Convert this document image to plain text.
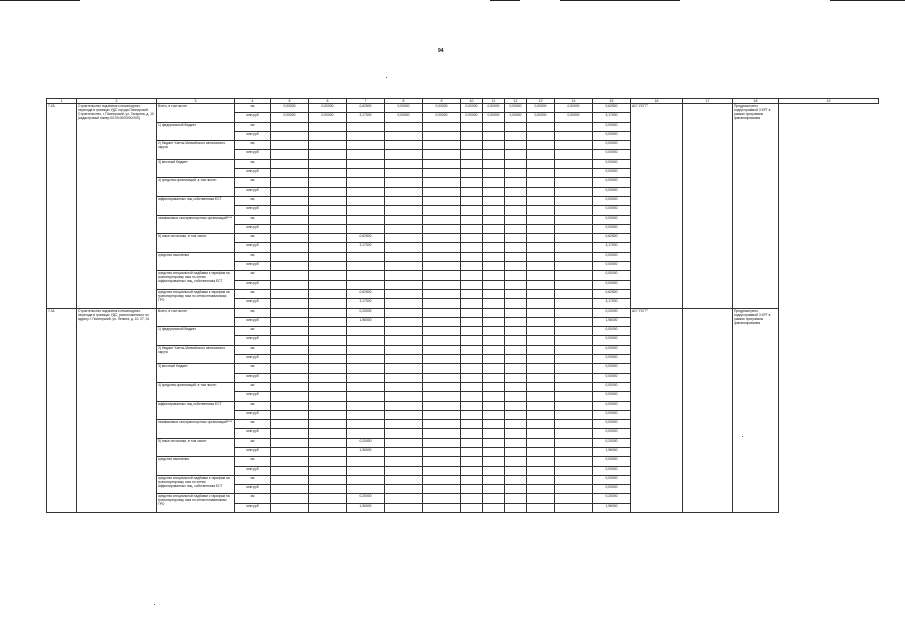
94
1	2	3	4	5	6	7	8	9	10	11	12	13	14	15	16	17	18	19
7.43.	Строительство подземного пешеходного перехода в границах УДС города Пионерский. Строительство, г. Пионерский, ул. Гагарина, д. 10 (кадастровый номер 00:00:0000000:000)	Всего, в том числе:	км	0,00000	0,00000	0,62500	0,00000	0,00000	0,00000	0,00000	0,00000	0,00000	0,00000	0,62500	АО "УСГТ"		Предусмотрено подпрограммой 3 КРТ в рамках программы финансирования	
			млн.руб	0,00000	0,00000	3,17000	0,00000	0,00000	0,00000	0,00000	0,00000	0,00000	0,00000	3,17000				
		1) федеральный бюджет	км											0,00000				
			млн.руб											0,00000				
		2) бюджет Ханты-Мансийского автономного округа	км											0,00000				
			млн.руб											0,00000				
		3) местный бюджет	км											0,00000				
			млн.руб											0,00000				
		4) средства организаций, в том числе:	км											0,00000				
			млн.руб											0,00000				
		аффилированных лиц собственника ЕСТ	км											0,00000				
			млн.руб											0,00000				
		независимых газотранспортных организаций****	км											0,00000				
			млн.руб											0,00000				
		5) иные источники, в том числе:	км			0,62500								0,62500				
			млн.руб			3,17000								3,17000				
		средства населения	км											0,00000				
			млн.руб											0,00000				
		средства специальной надбавки к тарифам на транспортировку газа по сетям аффилированных лиц, собственника ЕСТ	км											0,00000				
			млн.руб											0,00000				
		средства специальной надбавки к тарифам на транспортировку газа по сетям независимых ГРО	км			0,62500								0,62500				
			млн.руб			3,17000								3,17000				
7.44.	Строительство подземного пешеходного перехода в границах УДС, расположенного по адресу г. Пионерский, ул. Ленина, д. 10, 27, 31	Всего, в том числе:	км			0,20000								0,20000	АО "УСГТ"		Предусмотрено подпрограммой 3 КРТ в рамках программы финансирования	
			млн.руб			1,96000								1,96000				
		1) федеральный бюджет	км											0,00000				
			млн.руб											0,00000				
		2) бюджет Ханты-Мансийского автономного округа	км											0,00000				
			млн.руб											0,00000				
		3) местный бюджет	км											0,00000				
			млн.руб											0,00000				
		4) средства организаций, в том числе:	км											0,00000				
			млн.руб											0,00000				
		аффилированных лиц собственника ЕСТ	км											0,00000				
			млн.руб											0,00000				
		независимых газотранспортных организаций****	км											0,00000				
			млн.руб											0,00000				
		5) иные источники, в том числе:	км			0,20000								0,20000				
			млн.руб			1,96000								1,96000				
		средства населения	км											0,00000				
			млн.руб											0,00000				
		средства специальной надбавки к тарифам на транспортировку газа по сетям аффилированных лиц, собственника ЕСТ	км											0,00000				
			млн.руб											0,00000				
		средства специальной надбавки к тарифам на транспортировку газа по сетям независимых ГРО	км			0,20000								0,20000				
			млн.руб			1,96000								1,96000				
